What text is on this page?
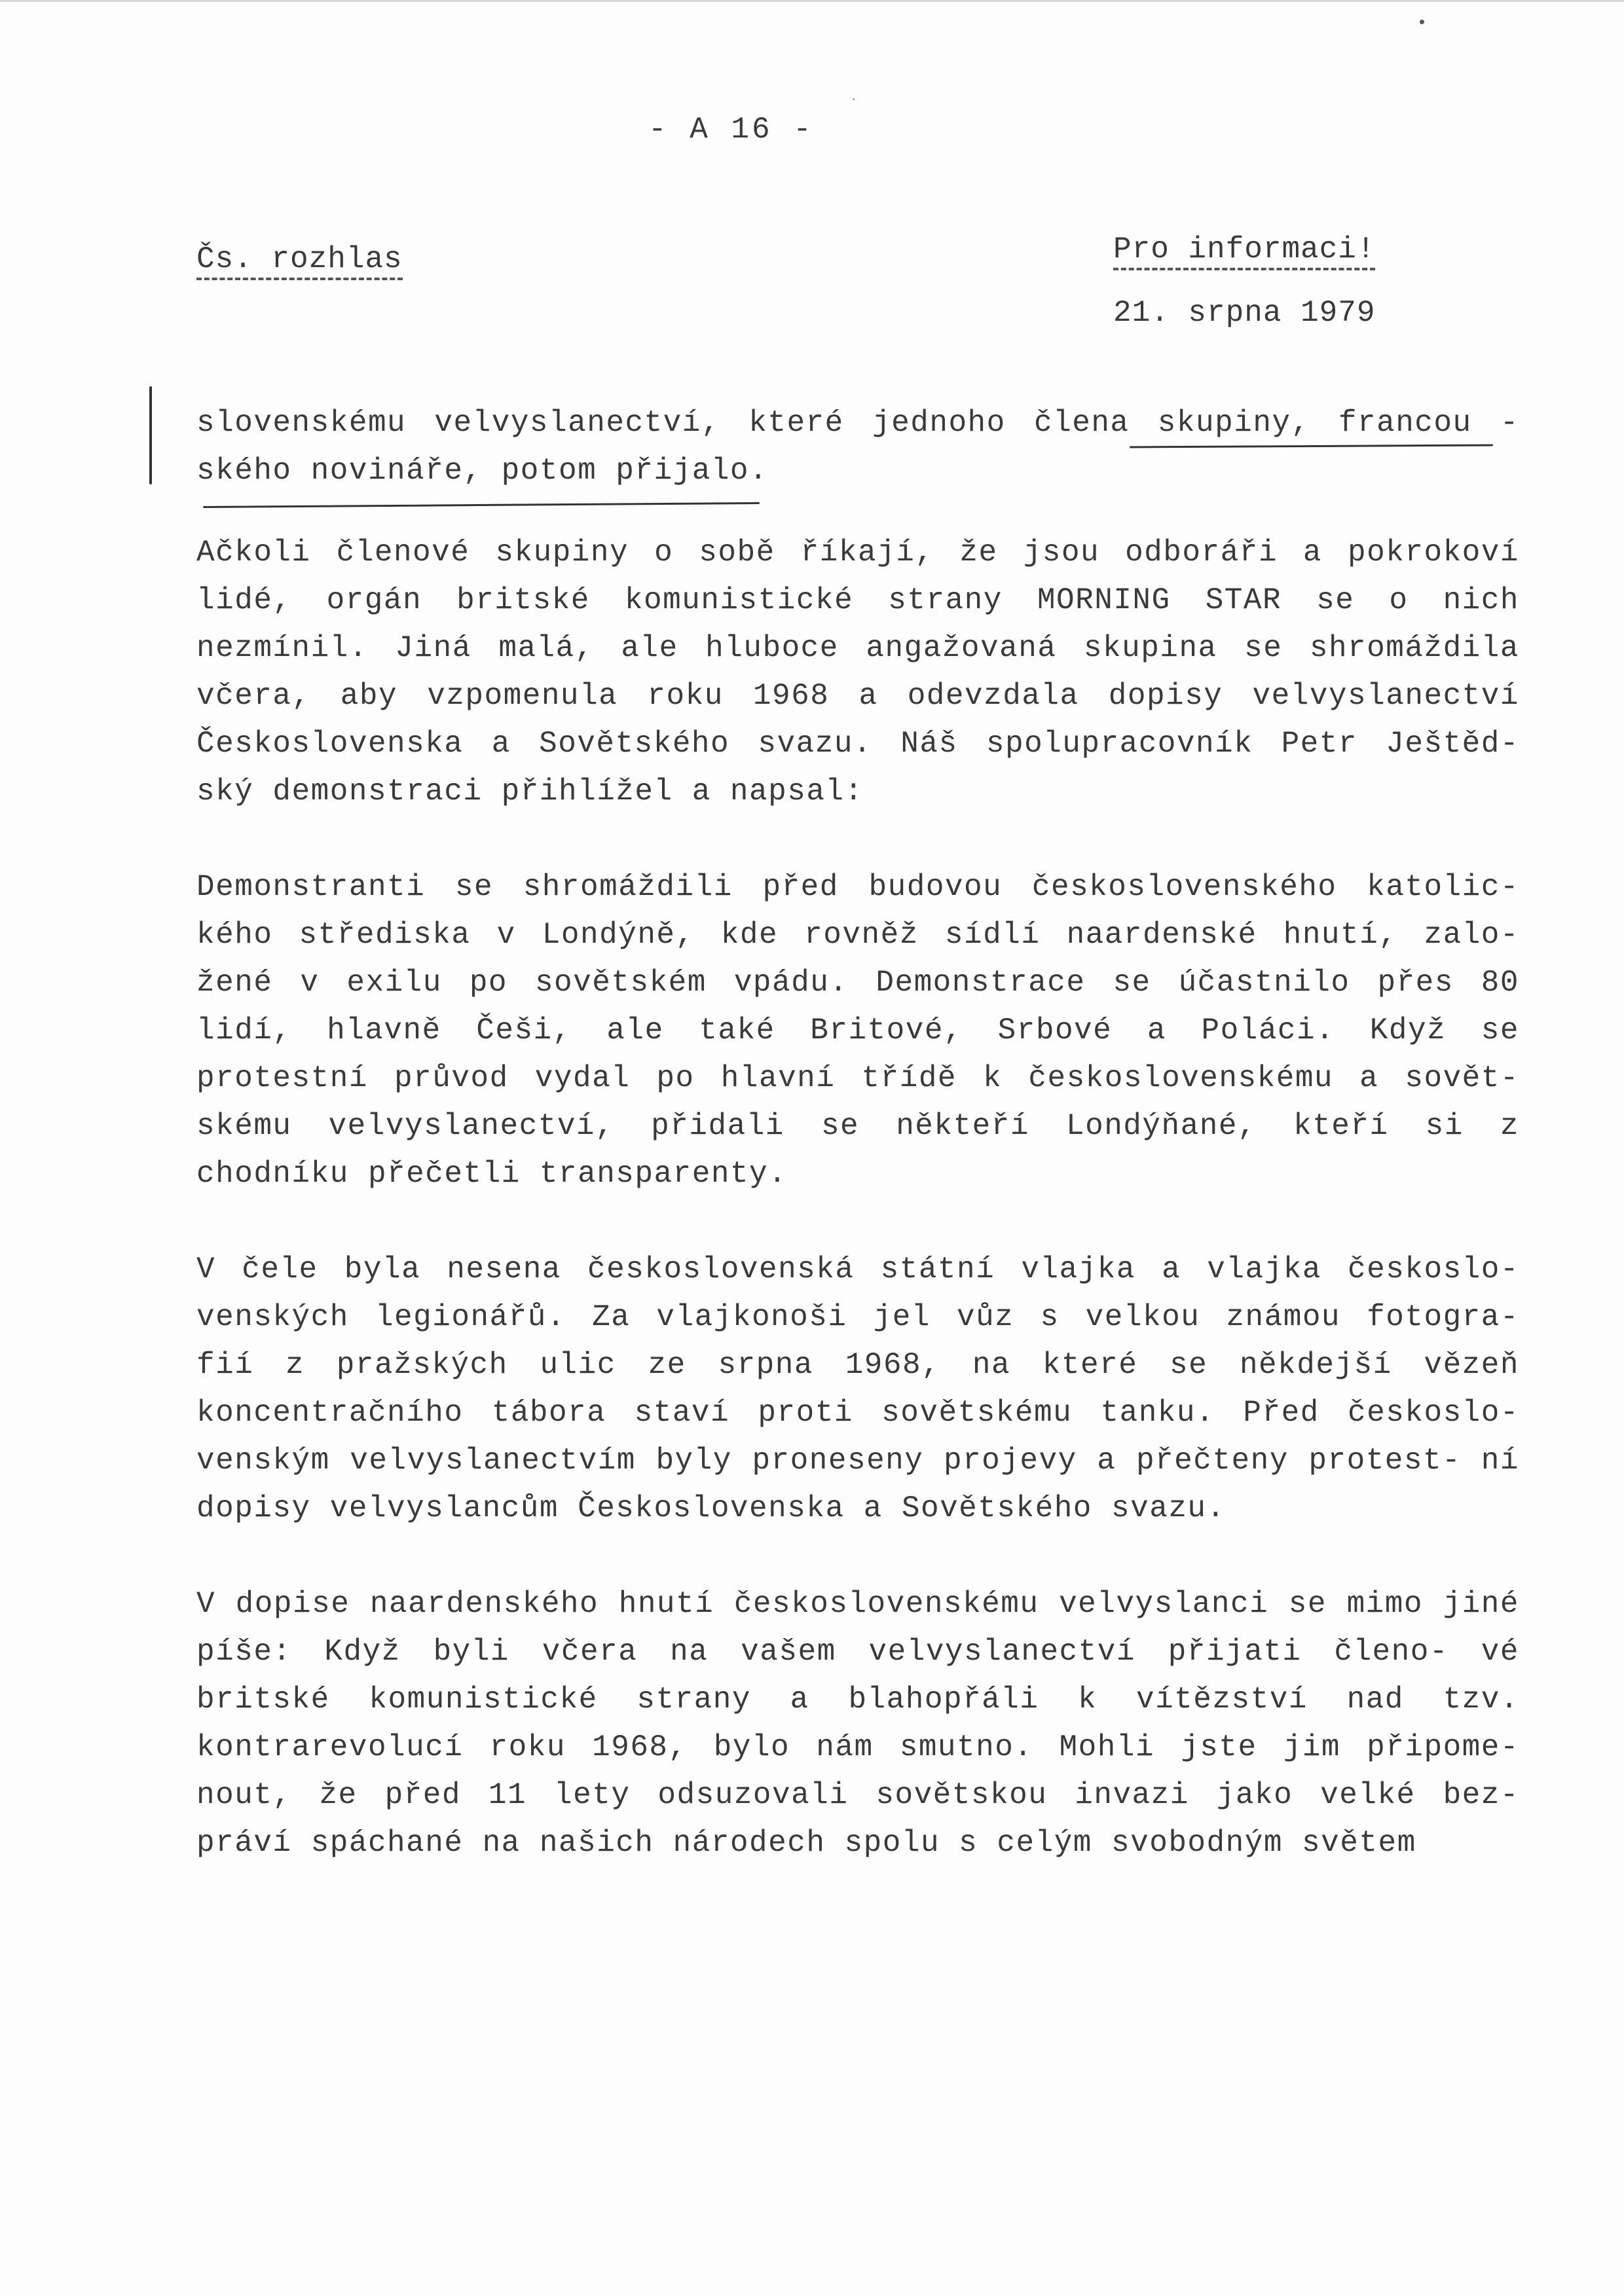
- A 16 -
Čs. rozhlas	Pro informaci!
21. srpna 1979

slovenskému velvyslanectví, které jednoho člena skupiny, francou - ského novináře, potom přijalo.

Ačkoli členové skupiny o sobě říkají, že jsou odboráři a pokrokoví lidé, orgán britské komunistické strany MORNING STAR se o nich nezmínil. Jiná malá, ale hluboce angažovaná skupina se shromáždila včera, aby vzpomenula roku 1968 a odevzdala dopisy velvyslanectví Československa a Sovětského svazu. Náš spolupracovník Petr Ještěd- ský demonstraci přihlížel a napsal:

Demonstranti se shromáždili před budovou československého katolic- kého střediska v Londýně, kde rovněž sídlí naardenské hnutí, zalo- žené v exilu po sovětském vpádu. Demonstrace se účastnilo přes 80 lidí, hlavně Češi, ale také Britové, Srbové a Poláci. Když se protestní průvod vydal po hlavní třídě k československému a sovět- skému velvyslanectví, přidali se někteří Londýňané, kteří si z chodníku přečetli transparenty.

V čele byla nesena československá státní vlajka a vlajka českoslo- venských legionářů. Za vlajkonoši jel vůz s velkou známou fotogra- fií z pražských ulic ze srpna 1968, na které se někdejší vězeň koncentračního tábora staví proti sovětskému tanku. Před českoslo- venským velvyslanectvím byly proneseny projevy a přečteny protest- ní dopisy velvyslancům Československa a Sovětského svazu.

V dopise naardenského hnutí československému velvyslanci se mimo jiné píše: Když byli včera na vašem velvyslanectví přijati členo- vé britské komunistické strany a blahopřáli k vítězství nad tzv. kontrarevolucí roku 1968, bylo nám smutno. Mohli jste jim připome- nout, že před 11 lety odsuzovali sovětskou invazi jako velké bez- práví spáchané na našich národech spolu s celým svobodným světem
